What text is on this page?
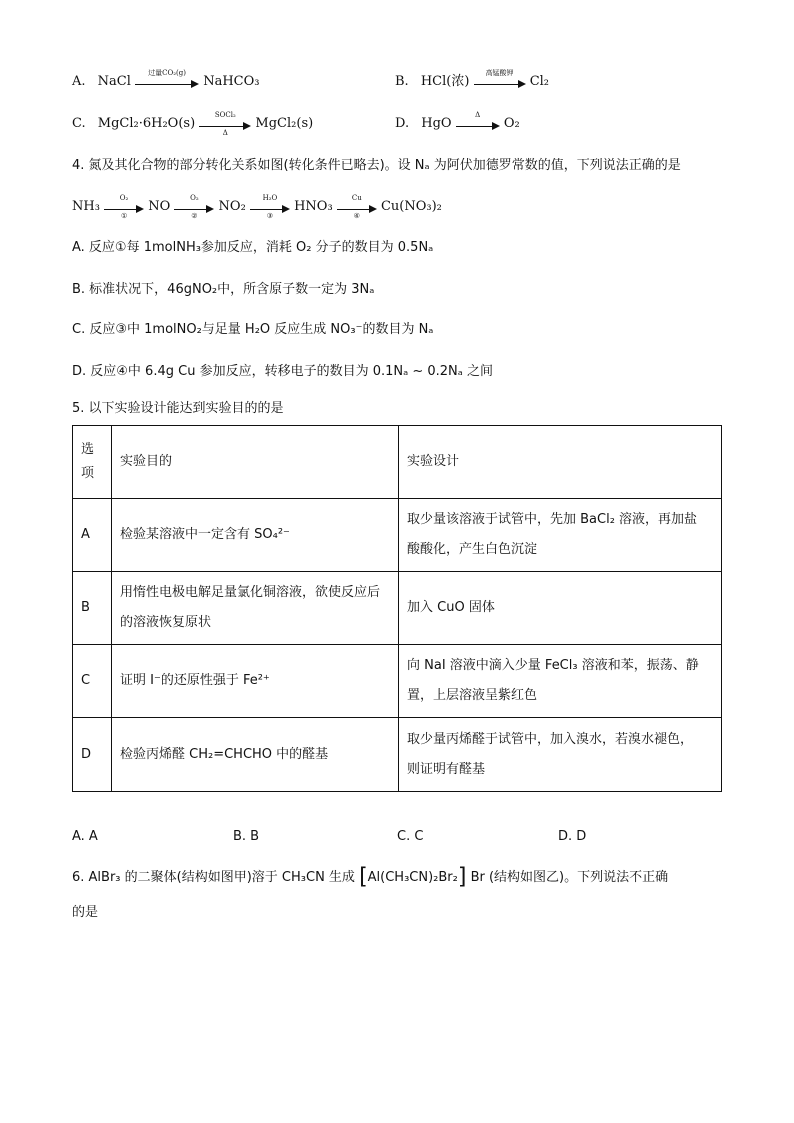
A. NaCl
过量CO₂(g)
NaHCO₃	B. HCl(浓)
高锰酸钾
Cl₂
C. MgCl₂·6H₂O(s)
SOCl₂
Δ
MgCl₂(s)	D. HgO
Δ
O₂
4. 氮及其化合物的部分转化关系如图(转化条件已略去)。设 Nₐ 为阿伏加德罗常数的值，下列说法正确的是
NH₃
O₂
①
NO
O₂
②
NO₂
H₂O
③
HNO₃
Cu
④
Cu(NO₃)₂
A. 反应①每 1molNH₃参加反应，消耗 O₂ 分子的数目为 0.5Nₐ
B. 标准状况下，46gNO₂中，所含原子数一定为 3Nₐ
C. 反应③中 1molNO₂与足量 H₂O 反应生成 NO₃⁻的数目为 Nₐ
D. 反应④中 6.4g Cu 参加反应，转移电子的数目为 0.1Nₐ ~ 0.2Nₐ 之间
5. 以下实验设计能达到实验目的的是
选
项	实验目的	实验设计
A	检验某溶液中一定含有 SO₄²⁻	取少量该溶液于试管中，先加 BaCl₂ 溶液，再加盐
酸酸化，产生白色沉淀

B	用惰性电极电解足量氯化铜溶液，欲使反应后
的溶液恢复原状	加入 CuO 固体

C	证明 I⁻的还原性强于 Fe²⁺	向 NaI 溶液中滴入少量 FeCl₃ 溶液和苯，振荡、静
置，上层溶液呈紫红色

D	检验丙烯醛 CH₂=CHCHO 中的醛基	取少量丙烯醛于试管中，加入溴水，若溴水褪色，
则证明有醛基
A. A	B. B	C. C	D. D
6. AlBr₃ 的二聚体(结构如图甲)溶于 CH₃CN 生成 [Al(CH₃CN)₂Br₂] Br (结构如图乙)。下列说法不正确
的是
